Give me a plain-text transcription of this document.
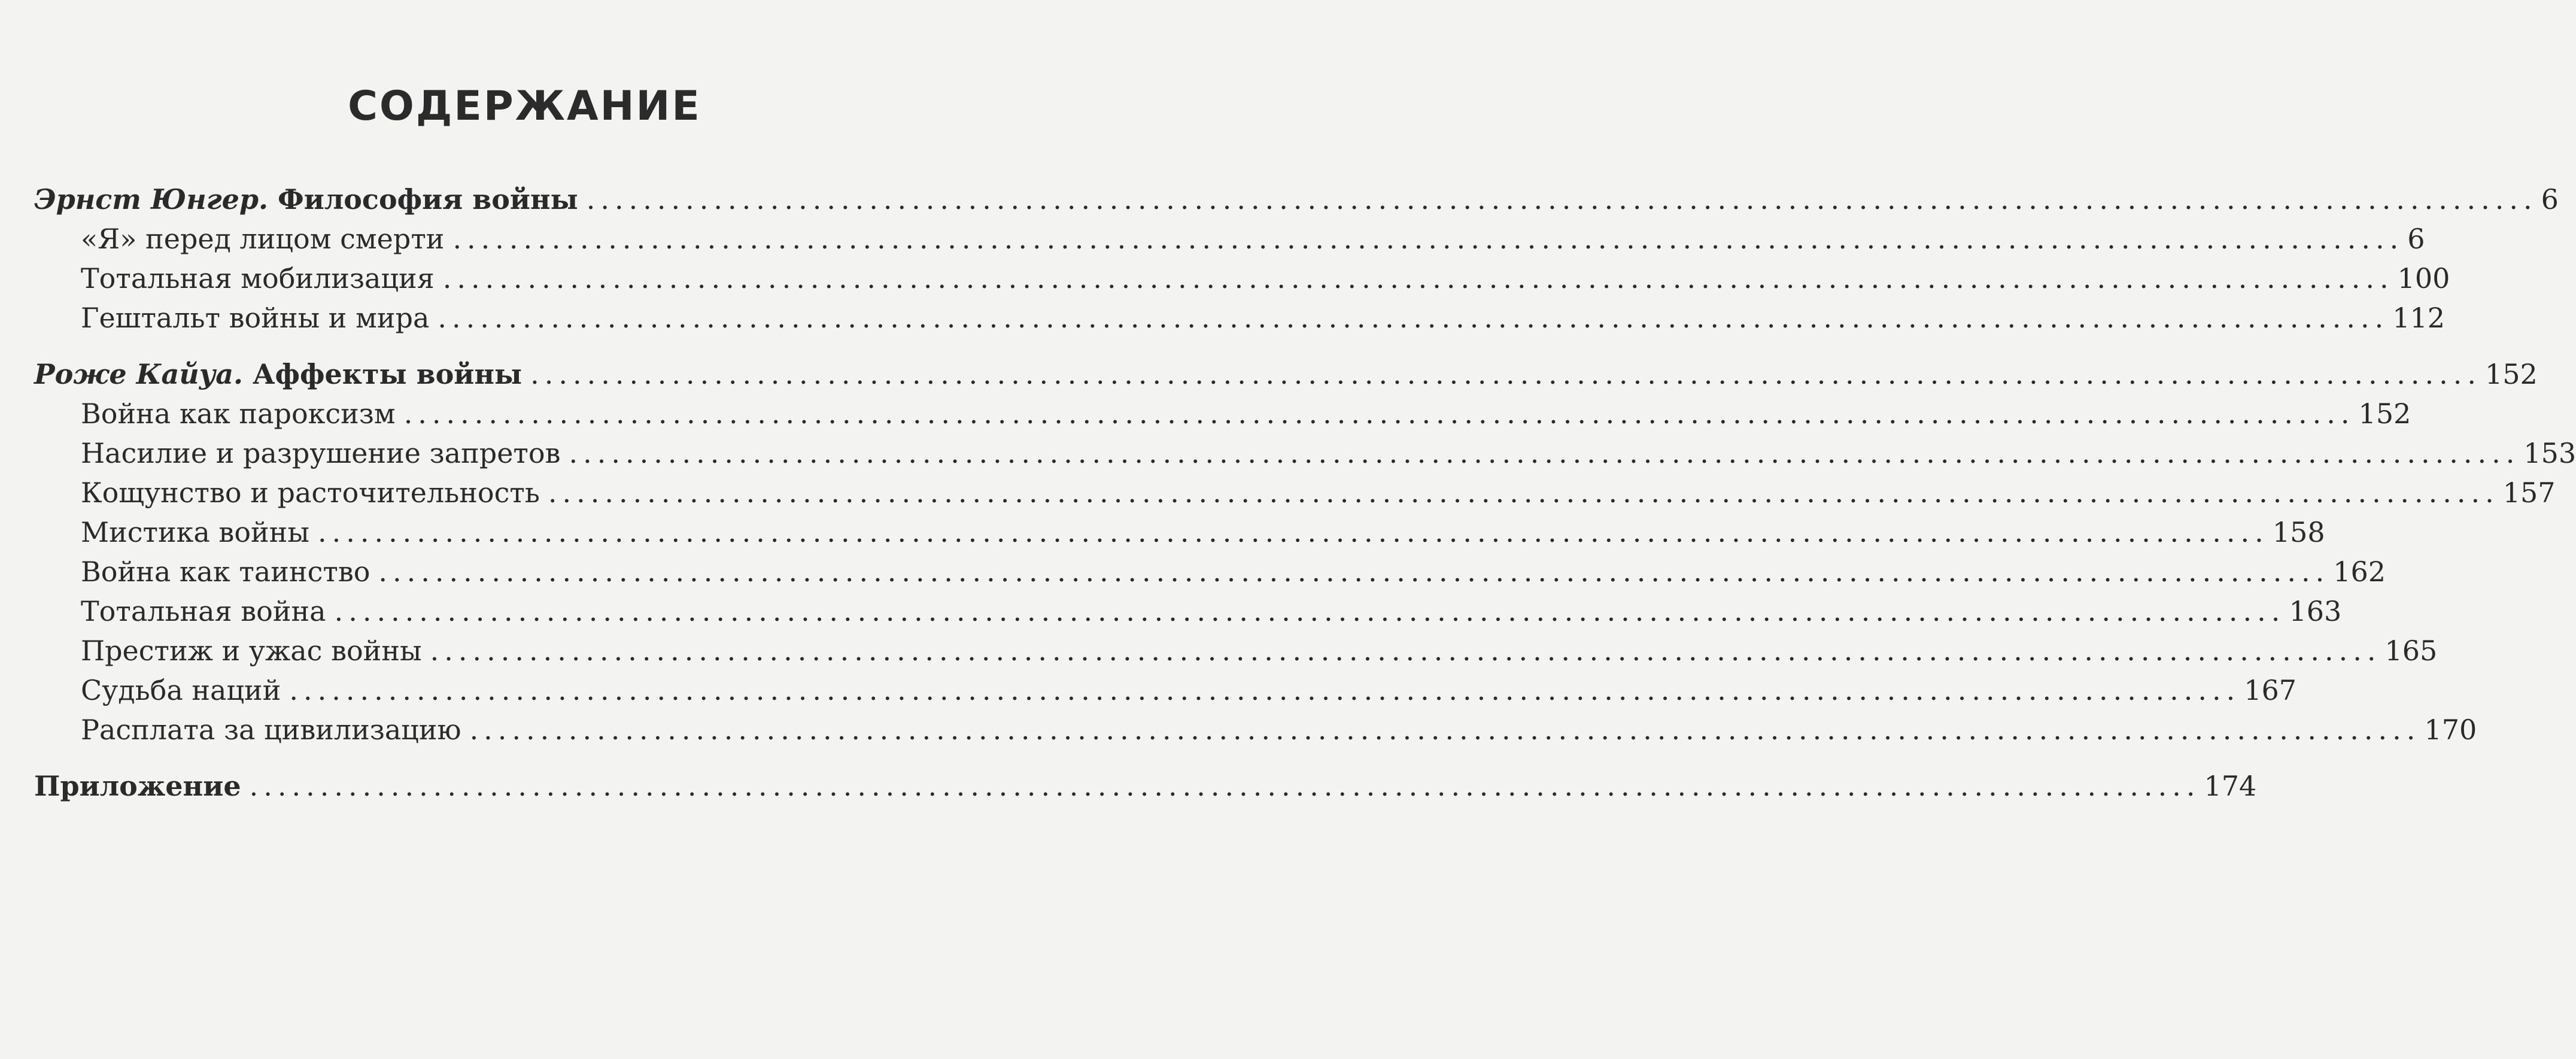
СОДЕРЖАНИЕ
Эрнст Юнгер. Философия войны .......................................................................................................................................... 6
«Я» перед лицом смерти .......................................................................................................................................... 6
Тотальная мобилизация .......................................................................................................................................... 100
Гештальт войны и мира .......................................................................................................................................... 112
Роже Кайуа. Аффекты войны .......................................................................................................................................... 152
Война как пароксизм .......................................................................................................................................... 152
Насилие и разрушение запретов .......................................................................................................................................... 153
Кощунство и расточительность .......................................................................................................................................... 157
Мистика войны .......................................................................................................................................... 158
Война как таинство .......................................................................................................................................... 162
Тотальная война .......................................................................................................................................... 163
Престиж и ужас войны .......................................................................................................................................... 165
Судьба наций .......................................................................................................................................... 167
Расплата за цивилизацию .......................................................................................................................................... 170
Приложение .......................................................................................................................................... 174
